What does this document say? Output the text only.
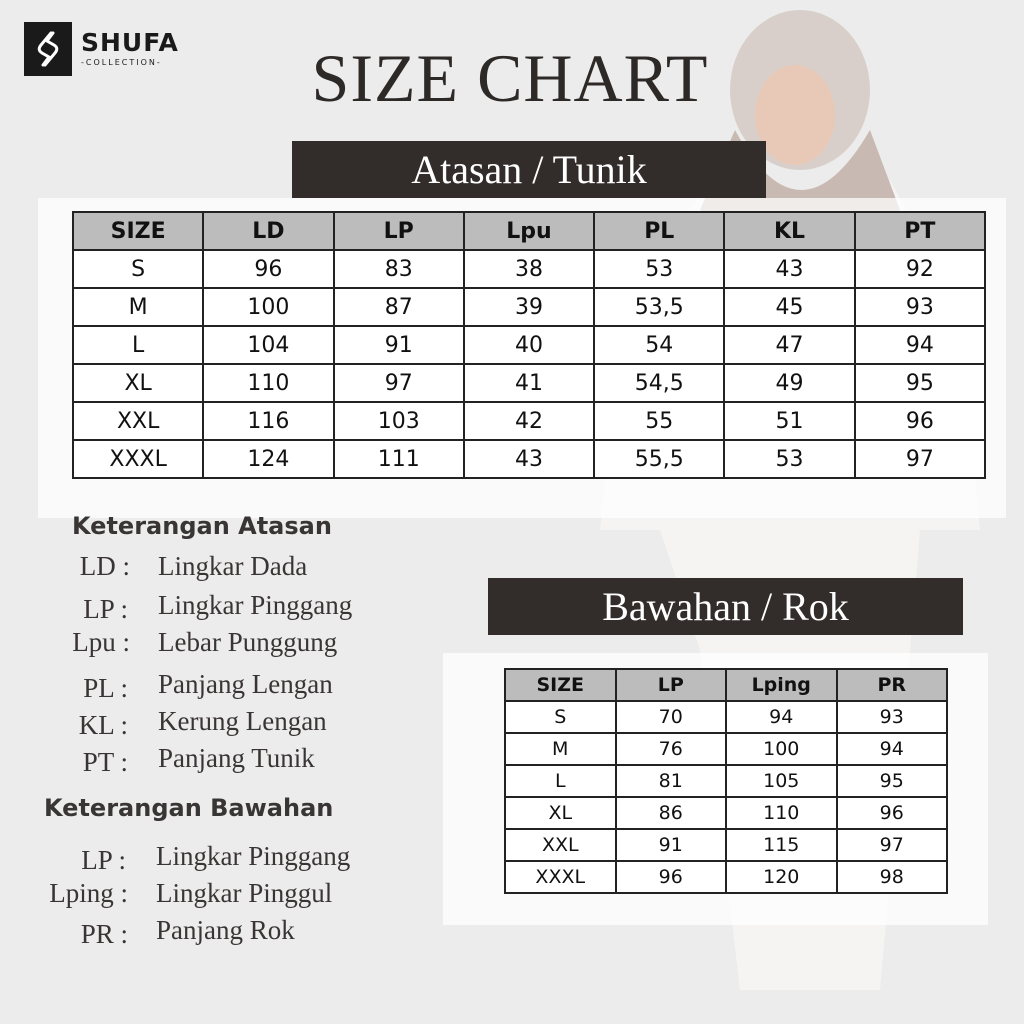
SHUFA
- COLLECTION -	SIZE CHART
Atasan / Tunik
SIZE	LD	LP	Lpu	PL	KL	PT
S	96	83	38	53	43	92
M	100	87	39	53,5	45	93
L	104	91	40	54	47	94
XL	110	97	41	54,5	49	95
XXL	116	103	42	55	51	96
XXXL	124	111	43	55,5	53	97
Keterangan Atasan
LD : Lingkar Dada
LP : Lingkar Pinggang
Lpu : Lebar Punggung
PL : Panjang Lengan
KL : Kerung Lengan
PT : Panjang Tunik
Keterangan Bawahan
LP : Lingkar Pinggang
Lping : Lingkar Pinggul
PR : Panjang Rok
Bawahan / Rok
SIZE	LP	Lping	PR
S	70	94	93
M	76	100	94
L	81	105	95
XL	86	110	96
XXL	91	115	97
XXXL	96	120	98
